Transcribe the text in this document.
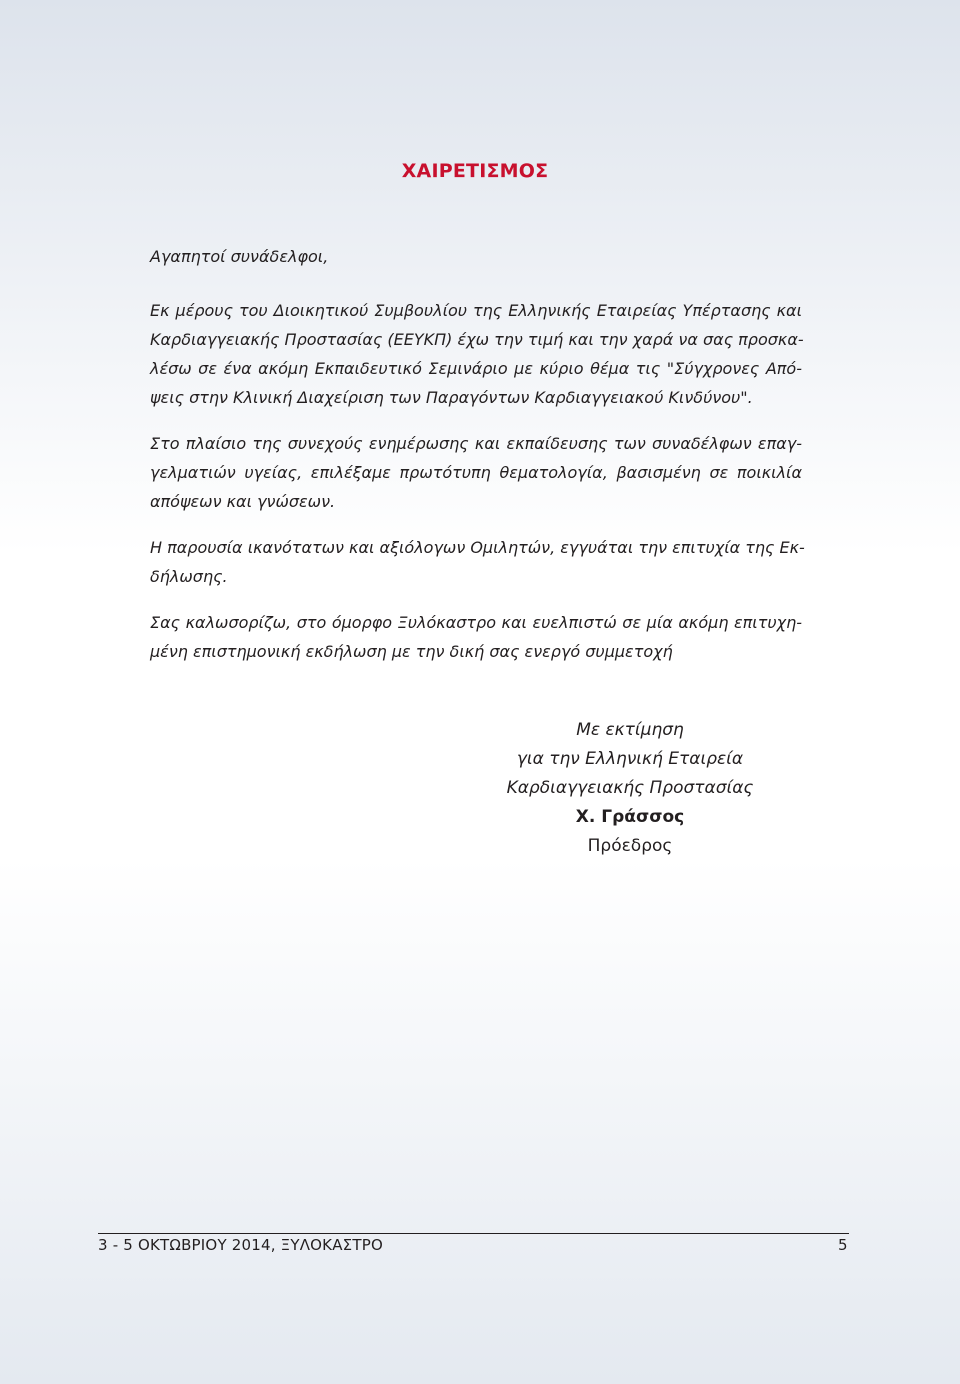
ΧΑΙΡΕΤΙΣΜΟΣ

Αγαπητοί συνάδελφοι,

Εκ μέρους του Διοικητικού Συμβουλίου της Ελληνικής Εταιρείας Υπέρτασης και
Καρδιαγγειακής Προστασίας (ΕΕΥΚΠ) έχω την τιμή και την χαρά να σας προσκα-
λέσω σε ένα ακόμη Εκπαιδευτικό Σεμινάριο με κύριο θέμα τις "Σύγχρονες Από-
ψεις στην Κλινική Διαχείριση των Παραγόντων Καρδιαγγειακού Κινδύνου".

Στο πλαίσιο της συνεχούς ενημέρωσης και εκπαίδευσης των συναδέλφων επαγ-
γελματιών υγείας, επιλέξαμε πρωτότυπη θεματολογία, βασισμένη σε ποικιλία
απόψεων και γνώσεων.

Η παρουσία ικανότατων και αξιόλογων Ομιλητών, εγγυάται την επιτυχία της Εκ-
δήλωσης.

Σας καλωσορίζω, στο όμορφο Ξυλόκαστρο και ευελπιστώ σε μία ακόμη επιτυχη-
μένη επιστημονική εκδήλωση με την δική σας ενεργό συμμετοχή

Με εκτίμηση
για την Ελληνική Εταιρεία
Καρδιαγγειακής Προστασίας
Χ. Γράσσος
Πρόεδρος
3 - 5 ΟΚΤΩΒΡΙΟΥ 2014, ΞΥΛΟΚΑΣΤΡΟ	5
